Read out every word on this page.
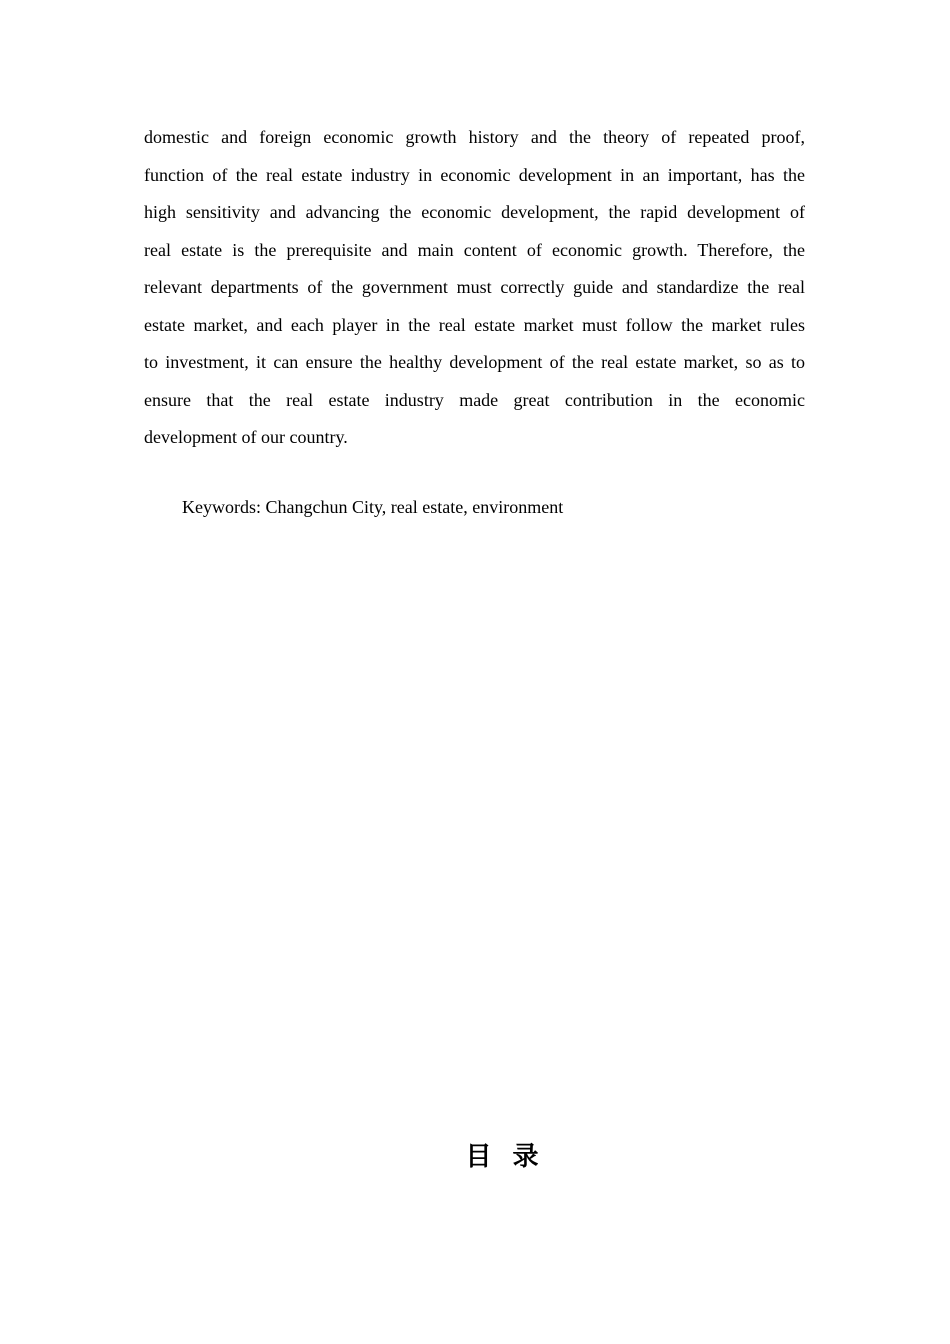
domestic and foreign economic growth history and the theory of repeated proof,
function of the real estate industry in economic development in an important, has the
high sensitivity and advancing the economic development, the rapid development of
real estate is the prerequisite and main content of economic growth. Therefore, the
relevant departments of the government must correctly guide and standardize the real
estate market, and each player in the real estate market must follow the market rules
to investment, it can ensure the healthy development of the real estate market, so as to
ensure that the real estate industry made great contribution in the economic
development of our country.

Keywords: Changchun City, real estate, environment

目 录
